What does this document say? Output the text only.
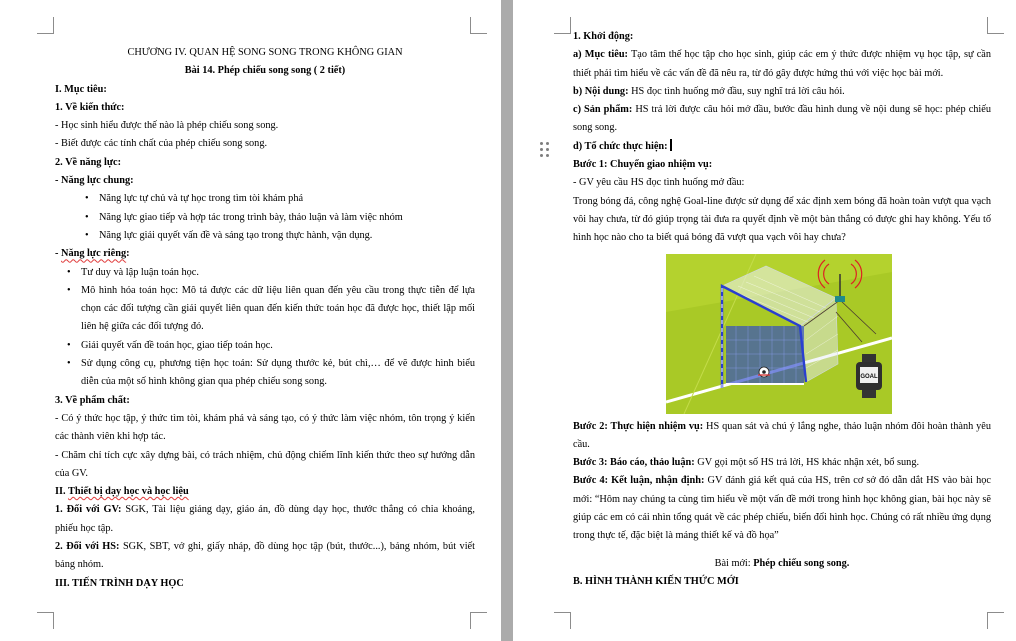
CHƯƠNG IV. QUAN HỆ SONG SONG TRONG KHÔNG GIAN

Bài 14. Phép chiếu song song ( 2 tiết)

I. Mục tiêu:

1. Về kiến thức:

- Học sinh hiểu được thế nào là phép chiếu song song.

- Biết được các tính chất của phép chiếu song song.

2. Về năng lực:

- Năng lực chung:

• Năng lực tự chủ và tự học trong tìm tòi khám phá
• Năng lực giao tiếp và hợp tác trong trình bày, thảo luận và làm việc nhóm
• Năng lực giải quyết vấn đề và sáng tạo trong thực hành, vận dụng.

- Năng lực riêng:

• Tư duy và lập luận toán học.
• Mô hình hóa toán học: Mô tả được các dữ liệu liên quan đến yêu cầu trong thực tiễn để lựa chọn các đối tượng cần giải quyết liên quan đến kiến thức toán học đã được học, thiết lập mối liên hệ giữa các đối tượng đó.
• Giải quyết vấn đề toán học, giao tiếp toán học.
• Sử dụng công cụ, phương tiện học toán: Sử dụng thước kẻ, bút chì,… để vẽ được hình biểu diễn của một số hình không gian qua phép chiếu song song.

3. Về phẩm chất:

- Có ý thức học tập, ý thức tìm tòi, khám phá và sáng tạo, có ý thức làm việc nhóm, tôn trọng ý kiến các thành viên khi hợp tác.

- Chăm chỉ tích cực xây dựng bài, có trách nhiệm, chủ động chiếm lĩnh kiến thức theo sự hướng dẫn của GV.

II. Thiết bị dạy học và học liệu

1. Đối với GV: SGK, Tài liệu giảng dạy, giáo án, đồ dùng dạy học, thước thẳng có chia khoảng, phiếu học tập.

2. Đối với HS: SGK, SBT, vở ghi, giấy nháp, đồ dùng học tập (bút, thước...), bảng nhóm, bút viết bảng nhóm.

III. TIẾN TRÌNH DẠY HỌC

1. Khởi động:

a) Mục tiêu: Tạo tâm thế học tập cho học sinh, giúp các em ý thức được nhiệm vụ học tập, sự cần thiết phải tìm hiểu về các vấn đề đã nêu ra, từ đó gây được hứng thú với việc học bài mới.

b) Nội dung: HS đọc tình huống mở đầu, suy nghĩ trả lời câu hỏi.

c) Sản phẩm: HS trả lời được câu hỏi mở đầu, bước đầu hình dung về nội dung sẽ học: phép chiếu song song.

d) Tổ chức thực hiện:

Bước 1: Chuyển giao nhiệm vụ:

- GV yêu cầu HS đọc tình huống mở đầu:

Trong bóng đá, công nghệ Goal-line được sử dụng để xác định xem bóng đã hoàn toàn vượt qua vạch vôi hay chưa, từ đó giúp trọng tài đưa ra quyết định về một bàn thắng có được ghi hay không. Yếu tố hình học nào cho ta biết quả bóng đã vượt qua vạch vôi hay chưa?

GOAL

Bước 2: Thực hiện nhiệm vụ: HS quan sát và chú ý lắng nghe, thảo luận nhóm đôi hoàn thành yêu cầu.

Bước 3: Báo cáo, thảo luận: GV gọi một số HS trả lời, HS khác nhận xét, bổ sung.

Bước 4: Kết luận, nhận định: GV đánh giá kết quả của HS, trên cơ sở đó dẫn dắt HS vào bài học mới: “Hôm nay chúng ta cùng tìm hiểu về một vấn đề mới trong hình học không gian, bài học này sẽ giúp các em có cái nhìn tổng quát về các phép chiếu, biến đổi hình học. Chúng có rất nhiều ứng dụng trong thực tế, đặc biệt là mảng thiết kế và đồ họa”

Bài mới: Phép chiếu song song.

B. HÌNH THÀNH KIẾN THỨC MỚI
